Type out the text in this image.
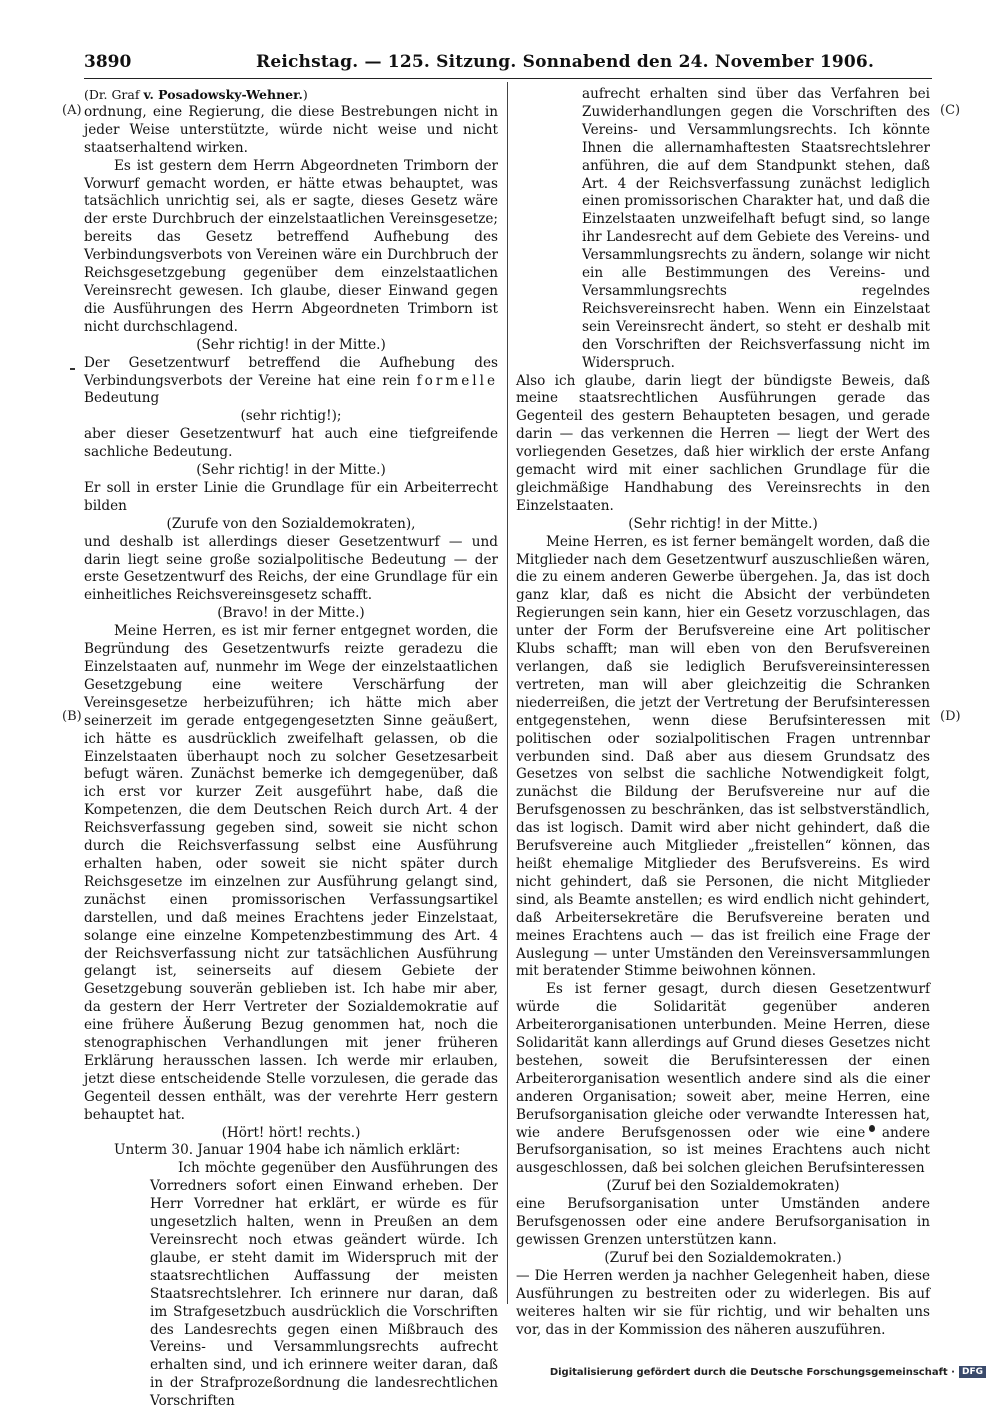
3890	Reichstag. — 125. Sitzung. Sonnabend den 24. November 1906.
(A)
(B)
(C)
(D)

(Dr. Graf v. Posadowsky-Wehner.)

ordnung, eine Regierung, die diese Bestrebungen nicht in jeder Weise unterstützte, würde nicht weise und nicht staatserhaltend wirken.

Es ist gestern dem Herrn Abgeordneten Trimborn der Vorwurf gemacht worden, er hätte etwas behauptet, was tatsächlich unrichtig sei, als er sagte, dieses Gesetz wäre der erste Durchbruch der einzelstaatlichen Vereinsgesetze; bereits das Gesetz betreffend Aufhebung des Verbindungsverbots von Vereinen wäre ein Durchbruch der Reichsgesetzgebung gegenüber dem einzelstaatlichen Vereinsrecht gewesen. Ich glaube, dieser Einwand gegen die Ausführungen des Herrn Abgeordneten Trimborn ist nicht durchschlagend.

(Sehr richtig! in der Mitte.)

Der Gesetzentwurf betreffend die Aufhebung des Verbindungsverbots der Vereine hat eine rein formelle Bedeutung

(sehr richtig!);

aber dieser Gesetzentwurf hat auch eine tiefgreifende sachliche Bedeutung.

(Sehr richtig! in der Mitte.)

Er soll in erster Linie die Grundlage für ein Arbeiterrecht bilden

(Zurufe von den Sozialdemokraten),

und deshalb ist allerdings dieser Gesetzentwurf — und darin liegt seine große sozialpolitische Bedeutung — der erste Gesetzentwurf des Reichs, der eine Grundlage für ein einheitliches Reichsvereinsgesetz schafft.

(Bravo! in der Mitte.)

Meine Herren, es ist mir ferner entgegnet worden, die Begründung des Gesetzentwurfs reizte geradezu die Einzelstaaten auf, nunmehr im Wege der einzelstaatlichen Gesetzgebung eine weitere Verschärfung der Vereinsgesetze herbeizuführen; ich hätte mich aber seinerzeit im gerade entgegengesetzten Sinne geäußert, ich hätte es ausdrücklich zweifelhaft gelassen, ob die Einzelstaaten überhaupt noch zu solcher Gesetzesarbeit befugt wären. Zunächst bemerke ich demgegenüber, daß ich erst vor kurzer Zeit ausgeführt habe, daß die Kompetenzen, die dem Deutschen Reich durch Art. 4 der Reichsverfassung gegeben sind, soweit sie nicht schon durch die Reichsverfassung selbst eine Ausführung erhalten haben, oder soweit sie nicht später durch Reichsgesetze im einzelnen zur Ausführung gelangt sind, zunächst einen promissorischen Verfassungsartikel darstellen, und daß meines Erachtens jeder Einzelstaat, solange eine einzelne Kompetenzbestimmung des Art. 4 der Reichsverfassung nicht zur tatsächlichen Ausführung gelangt ist, seinerseits auf diesem Gebiete der Gesetzgebung souverän geblieben ist. Ich habe mir aber, da gestern der Herr Vertreter der Sozialdemokratie auf eine frühere Äußerung Bezug genommen hat, noch die stenographischen Verhandlungen mit jener früheren Erklärung herausschen lassen. Ich werde mir erlauben, jetzt diese entscheidende Stelle vorzulesen, die gerade das Gegenteil dessen enthält, was der verehrte Herr gestern behauptet hat.

(Hört! hört! rechts.)

Unterm 30. Januar 1904 habe ich nämlich erklärt:

Ich möchte gegenüber den Ausführungen des Vorredners sofort einen Einwand erheben. Der Herr Vorredner hat erklärt, er würde es für ungesetzlich halten, wenn in Preußen an dem Vereinsrecht noch etwas geändert würde. Ich glaube, er steht damit im Widerspruch mit der staatsrechtlichen Auffassung der meisten Staatsrechtslehrer. Ich erinnere nur daran, daß im Strafgesetzbuch ausdrücklich die Vorschriften des Landesrechts gegen einen Mißbrauch des Vereins- und Versammlungsrechts aufrecht erhalten sind, und ich erinnere weiter daran, daß in der Strafprozeßordnung die landesrechtlichen Vorschriften

aufrecht erhalten sind über das Verfahren bei Zuwiderhandlungen gegen die Vorschriften des Vereins- und Versammlungsrechts. Ich könnte Ihnen die allernamhaftesten Staatsrechtslehrer anführen, die auf dem Standpunkt stehen, daß Art. 4 der Reichsverfassung zunächst lediglich einen promissorischen Charakter hat, und daß die Einzelstaaten unzweifelhaft befugt sind, so lange ihr Landesrecht auf dem Gebiete des Vereins- und Versammlungsrechts zu ändern, solange wir nicht ein alle Bestimmungen des Vereins- und Versammlungsrechts regelndes Reichsvereinsrecht haben. Wenn ein Einzelstaat sein Vereinsrecht ändert, so steht er deshalb mit den Vorschriften der Reichsverfassung nicht im Widerspruch.

Also ich glaube, darin liegt der bündigste Beweis, daß meine staatsrechtlichen Ausführungen gerade das Gegenteil des gestern Behaupteten besagen, und gerade darin — das verkennen die Herren — liegt der Wert des vorliegenden Gesetzes, daß hier wirklich der erste Anfang gemacht wird mit einer sachlichen Grundlage für die gleichmäßige Handhabung des Vereinsrechts in den Einzelstaaten.

(Sehr richtig! in der Mitte.)

Meine Herren, es ist ferner bemängelt worden, daß die Mitglieder nach dem Gesetzentwurf auszuschließen wären, die zu einem anderen Gewerbe übergehen. Ja, das ist doch ganz klar, daß es nicht die Absicht der verbündeten Regierungen sein kann, hier ein Gesetz vorzuschlagen, das unter der Form der Berufsvereine eine Art politischer Klubs schafft; man will eben von den Berufsvereinen verlangen, daß sie lediglich Berufsvereinsinteressen vertreten, man will aber gleichzeitig die Schranken niederreißen, die jetzt der Vertretung der Berufsinteressen entgegenstehen, wenn diese Berufsinteressen mit politischen oder sozialpolitischen Fragen untrennbar verbunden sind. Daß aber aus diesem Grundsatz des Gesetzes von selbst die sachliche Notwendigkeit folgt, zunächst die Bildung der Berufsvereine nur auf die Berufsgenossen zu beschränken, das ist selbstverständlich, das ist logisch. Damit wird aber nicht gehindert, daß die Berufsvereine auch Mitglieder „freistellen“ können, das heißt ehemalige Mitglieder des Berufsvereins. Es wird nicht gehindert, daß sie Personen, die nicht Mitglieder sind, als Beamte anstellen; es wird endlich nicht gehindert, daß Arbeitersekretäre die Berufsvereine beraten und meines Erachtens auch — das ist freilich eine Frage der Auslegung — unter Umständen den Vereinsversammlungen mit beratender Stimme beiwohnen können.

Es ist ferner gesagt, durch diesen Gesetzentwurf würde die Solidarität gegenüber anderen Arbeiterorganisationen unterbunden. Meine Herren, diese Solidarität kann allerdings auf Grund dieses Gesetzes nicht bestehen, soweit die Berufsinteressen der einen Arbeiterorganisation wesentlich andere sind als die einer anderen Organisation; soweit aber, meine Herren, eine Berufsorganisation gleiche oder verwandte Interessen hat, wie andere Berufsgenossen oder wie eine andere Berufsorganisation, so ist meines Erachtens auch nicht ausgeschlossen, daß bei solchen gleichen Berufsinteressen

(Zuruf bei den Sozialdemokraten)

eine Berufsorganisation unter Umständen andere Berufsgenossen oder eine andere Berufsorganisation in gewissen Grenzen unterstützen kann.

(Zuruf bei den Sozialdemokraten.)

— Die Herren werden ja nachher Gelegenheit haben, diese Ausführungen zu bestreiten oder zu widerlegen. Bis auf weiteres halten wir sie für richtig, und wir behalten uns vor, das in der Kommission des näheren auszuführen.

Digitalisierung gefördert durch die Deutsche Forschungsgemeinschaft · DFG
